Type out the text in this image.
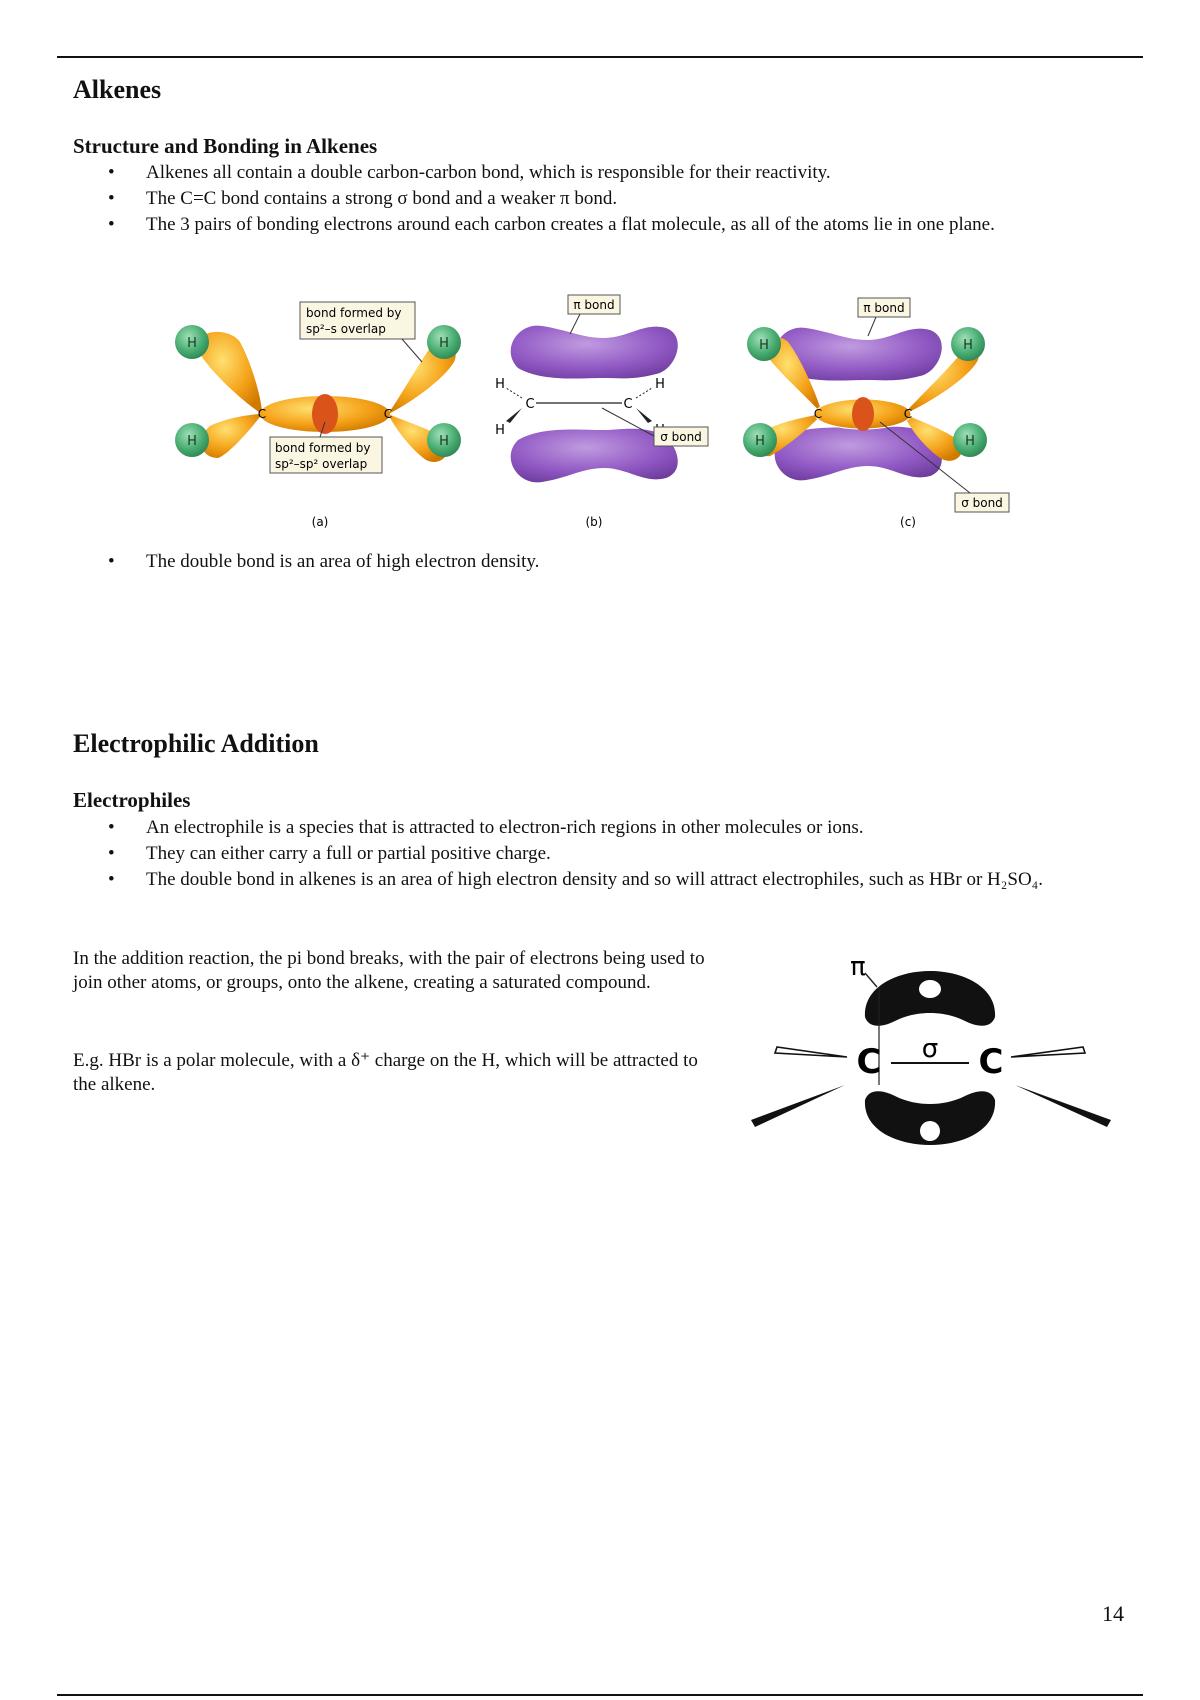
Alkenes
Structure and Bonding in Alkenes
• Alkenes all contain a double carbon-carbon bond, which is responsible for their reactivity.
• The C=C bond contains a strong σ bond and a weaker π bond.
• The 3 pairs of bonding electrons around each carbon creates a flat molecule, as all of the atoms lie in one plane.
H
H
H
H
C	C
bond formed by
sp²–s overlap
bond formed by
sp²–sp² overlap
(a)
C	C
H
H
H
π bond
σ bond
(b)
H
H
H
H
C	C
π bond
σ bond
(c)
• The double bond is an area of high electron density.
Electrophilic Addition
Electrophiles
• An electrophile is a species that is attracted to electron-rich regions in other molecules or ions.
• They can either carry a full or partial positive charge.
• The double bond in alkenes is an area of high electron density and so will attract electrophiles, such as HBr or H₂SO₄.

In the addition reaction, the pi bond breaks, with the pair of electrons being used to join other atoms, or groups, onto the alkene, creating a saturated compound.

E.g. HBr is a polar molecule, with a δ⁺ charge on the H, which will be attracted to the alkene.

π
C	C
σ
14
